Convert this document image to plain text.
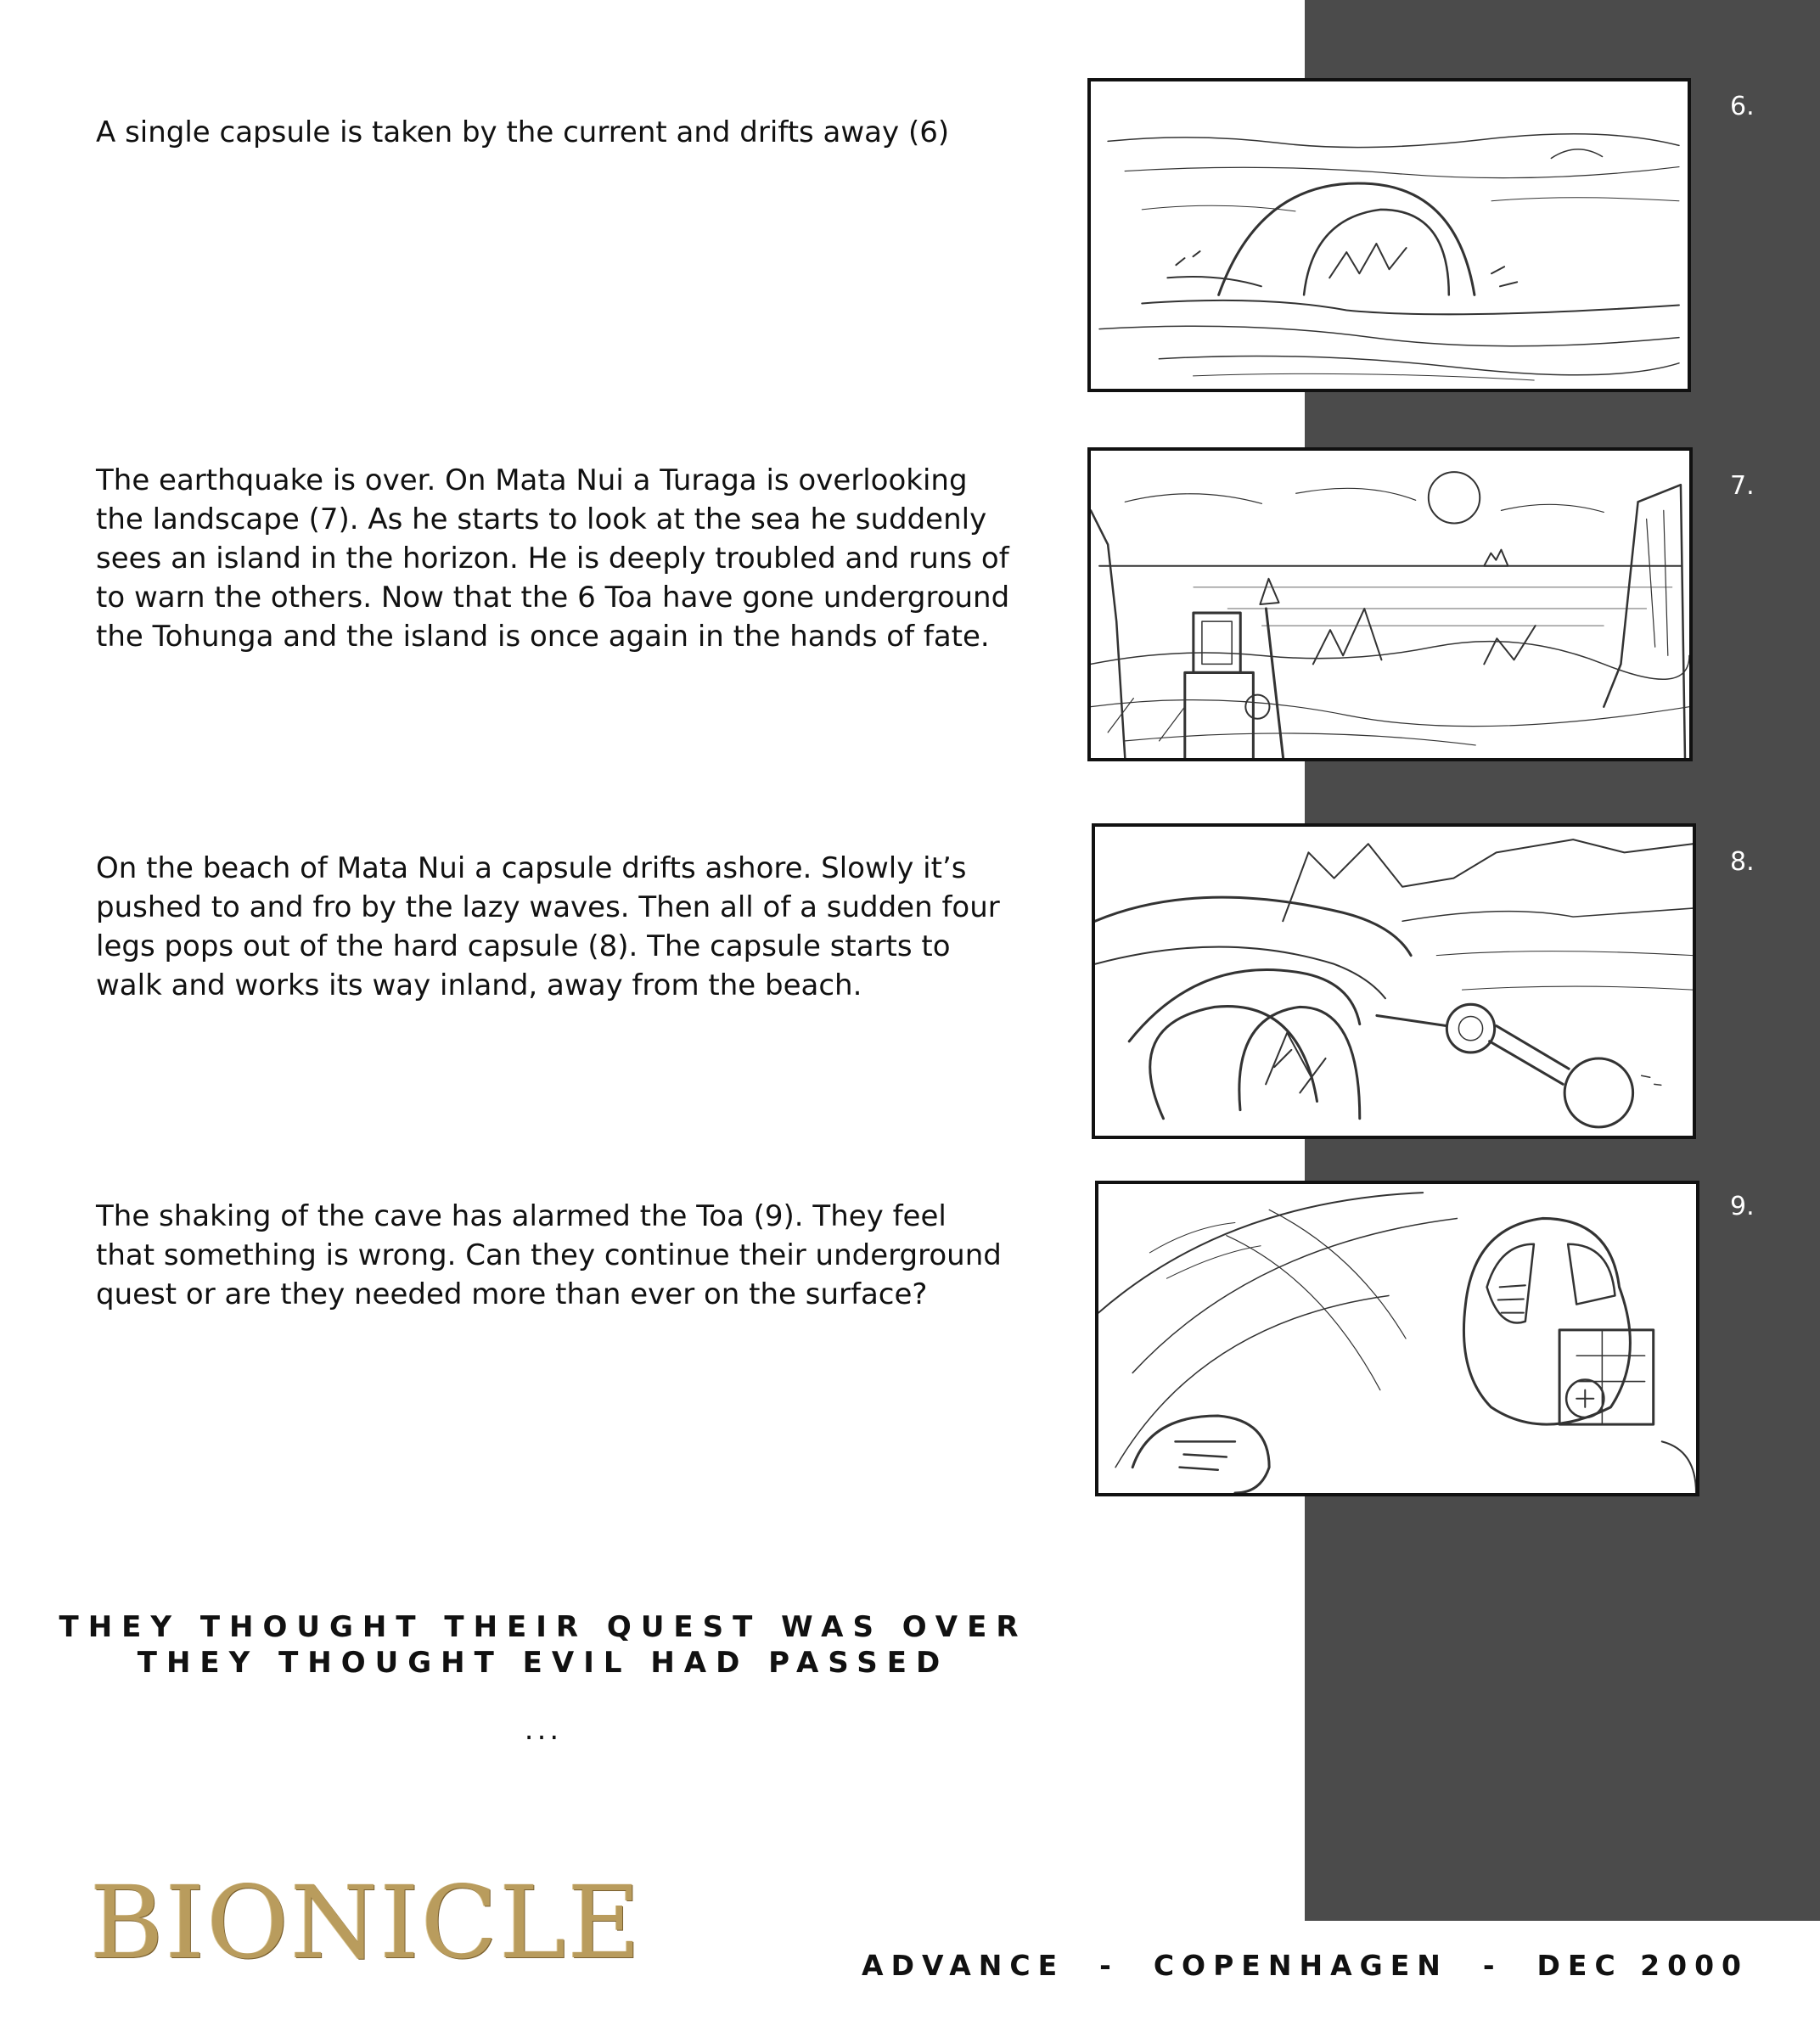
A single capsule is taken by the current and drifts away (6)

The earthquake is over. On Mata Nui a Turaga is overlooking the landscape (7). As he starts to look at the sea he suddenly sees an island in the horizon. He is deeply troubled and runs of to warn the others. Now that the 6 Toa have gone underground the Tohunga and the island is once again in the hands of fate.

On the beach of Mata Nui a capsule drifts ashore. Slowly it’s pushed to and fro by the lazy waves. Then all of a sudden four legs pops out of the hard capsule (8). The capsule starts to walk and works its way inland, away from the beach.

The shaking of the cave has alarmed the Toa (9). They feel that something is wrong. Can they continue their underground quest or are they needed more than ever on the surface?

6.
7.
8.
9.
THEY THOUGHT THEIR QUEST WAS OVER
THEY THOUGHT EVIL HAD PASSED
...
BIONICLE	ADVANCE  -  COPENHAGEN  -  DEC 2000
